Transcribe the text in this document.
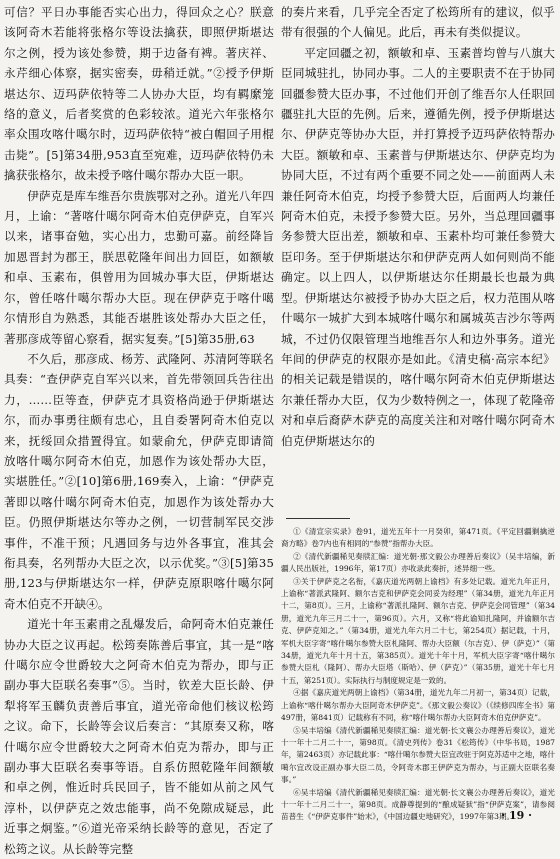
可信？平日办事能否实心出力，得回众之心？朕意该阿奇木若能将张格尔等设法擒获，即照伊斯堪达尔之例，授为该处参赞，期于边备有裨。著庆祥、永芹细心体察，据实密奏，毋稍迁就。”②授予伊斯堪达尔、迈玛萨依特等二人协办大臣，均有羁縻笼络的意义，后者奖赏的色彩较浓。道光六年张格尔率众围攻喀什噶尔时，迈玛萨依特“被白帽回子用棍击毙”。[5]第34册,953直至宛难，迈玛萨依特仍未擒获张格尔，故未授予喀什噶尔帮办大臣一职。

伊萨克是库车维吾尔贵族鄂对之孙。道光八年四月，上谕：“著喀什噶尔阿奇木伯克伊萨克，自军兴以来，诸事奋勉，实心出力，忠勤可嘉。前经降旨加恩晋封为郡王，朕思乾隆年间出力回臣，如额敏和卓、玉素布，俱曾用为回城办事大臣，伊斯堪达尔，曾任喀什噶尔帮办大臣。现在伊萨克于喀什噶尔情形自为熟悉，其能否堪胜该处帮办大臣之任，著那彦成等留心察看，据实复奏。”[5]第35册,63

不久后，那彦成、杨芳、武隆阿、苏清阿等联名具奏：“查伊萨克自军兴以来，首先带领回兵告往出力，……臣等查，伊萨克才具资格尚逊于伊斯堪达尔，而办事勇往颇有忠心，且自委署阿奇木伯克以来，抚绥回众措置得宜。如蒙俞允，伊萨克即请简放喀什噶尔阿奇木伯克，加恩作为该处帮办大臣，实堪胜任。”②[10]第6册,169奏入，上谕：“伊萨克著即以喀什噶尔阿奇木伯克，加恩作为该处帮办大臣。仍照伊斯堪达尔等办之例，一切营制军民交涉事件，不准干预；凡遇回务与边外各事宜，准其会衔具奏，名列帮办大臣之次，以示优奖。”③[5]第35册,123与伊斯堪达尔一样，伊萨克原职喀什噶尔阿奇木伯克不开缺④。

道光十年玉素甫之乱爆发后，命阿奇木伯克兼任协办大臣之议再起。松筠奏陈善后事宜，其一是“喀什噶尔应令世爵较大之阿奇木伯克为帮办，即与正副办事大臣联名奏事”⑤。当时，钦差大臣长龄、伊犁将军玉麟负责善后事宜，道光帝命他们核议松筠之议。命下，长龄等会议后奏言：“其原奏又称，喀什噶尔应令世爵较大之阿奇木伯克为帮办，即与正副办事大臣联名奏事等语。自系仿照乾隆年间额敏和卓之例，惟近时兵民回子，皆不能如从前之风气淳朴，以伊萨克之效忠能事，尚不免隙成疑忌，此近事之炯鉴。”⑥道光帝采纳长龄等的意见，否定了松筠之议。从长龄等完整

的奏片来看，几乎完全否定了松筠所有的建议，似乎带有很强的个人偏见。此后，再未有类似提议。

平定回疆之初，额敏和卓、玉素普均曾与八旗大臣同城驻扎，协同办事。二人的主要职责不在于协同回疆参赞大臣办事，不过他们开创了维吾尔人任职回疆驻扎大臣的先例。后来，遵循先例，授予伊斯堪达尔、伊萨克等协办大臣，并打算授予迈玛萨依特帮办大臣。额敏和卓、玉素普与伊斯堪达尔、伊萨克均为协同大臣，不过有两个重要不同之处——前面两人未兼任阿奇木伯克，均授予参赞大臣，后面两人均兼任阿奇木伯克，未授予参赞大臣。另外，当总理回疆事务参赞大臣出差，额敏和卓、玉素朴均可兼任参赞大臣印务。至于伊斯堪达尔和伊萨克两人如何则尚不能确定。以上四人，以伊斯堪达尔任期最长也最为典型。伊斯堪达尔被授予协办大臣之后，权力范围从喀什噶尔一城扩大到本城喀什噶尔和属城英吉沙尔等两城，不过仍仅限管理当地维吾尔人和边外事务。道光年间的伊萨克的权限亦是如此。《清史稿·高宗本纪》的相关记载是错误的，喀什噶尔阿奇木伯克伊斯堪达尔兼任帮办大臣，仅为少数特例之一，体现了乾隆帝对和卓后裔萨木萨克的高度关注和对喀什噶尔阿奇木伯克伊斯堪达尔的

①《清宣宗实录》卷91，道光五年十一月癸卯，第471页。《平定回疆剿擒逆裔方略》卷7内也有相同的“参赞”指帮办大臣。

②《清代新疆稀见奏牍汇编：道光朝·那文毅公办理善后奏议》（吴丰培编，新疆人民出版社，1996年，第17页）亦收录此奏折，述异细一些。

③关于伊萨克之名衔，《嘉庆道光两朝上谕档》有多处记载。道光九年正月，上谕称“著派武隆阿、额尔吉克和伊萨克会同妥为经理”（第34册，道光九年正月十二，第8页）。三月，上谕称“著派扎隆阿、额尔吉克、伊萨克会同管理”（第34册，道光九年三月二十一，第96页）。六月，又称“将此谕知扎隆阿，并谕额尔吉克、伊萨克知之。”（第34册，道光九年六月二十七，第254页）据记载，十月，军机大臣字寄“喀什噶尔参赞大臣札隆阿、帮办大臣额（尔吉克）、伊（萨克）”（第34册，道光九年十月十五，第385页）。道光十年十月，军机大臣字寄“喀什噶尔参赞大臣札（隆阿）、帮办大臣塔（斯哈）、伊（萨克）”（第35册，道光十年七月十五，第251页）。实际执行与制度规定是一致的。

④据《嘉庆道光两朝上谕档》（第34册，道光九年二月初一，第34页）记载，上谕称“喀什噶尔帮办大臣阿奇木伊萨克”。《那文毅公奏议》（《续修四库全书》第497册，第841页）记载称有不同，称“喀什噶尔帮办大臣阿奇木伯克伊萨克”。

⑤吴丰培编《清代新疆稀见奏牍汇编：道光朝·长文襄公办理善后奏议》，道光十一年十二月二十一，第98页。《清史列传》卷31《松筠传》（中华书局，1987年，第2463页）亦记载此事：“喀什噶尔参赞大臣宜改驻于阿克苏适中之地，喀什噶尔宜改设正副办事大臣二员，令阿奇木郡王伊萨克为帮办，与正副大臣联名奏事。”

⑥吴丰培编《清代新疆稀见奏牍汇编：道光朝·长文襄公办理善后奏议》，道光十一年十二月二十一，第98页。成静尊提到的“酿成疑狱”指“伊萨克案”，请参阅苗普生《“伊萨克事件”始末》，《中国边疆史地研究》，1997年第3期。

· 19 ·
